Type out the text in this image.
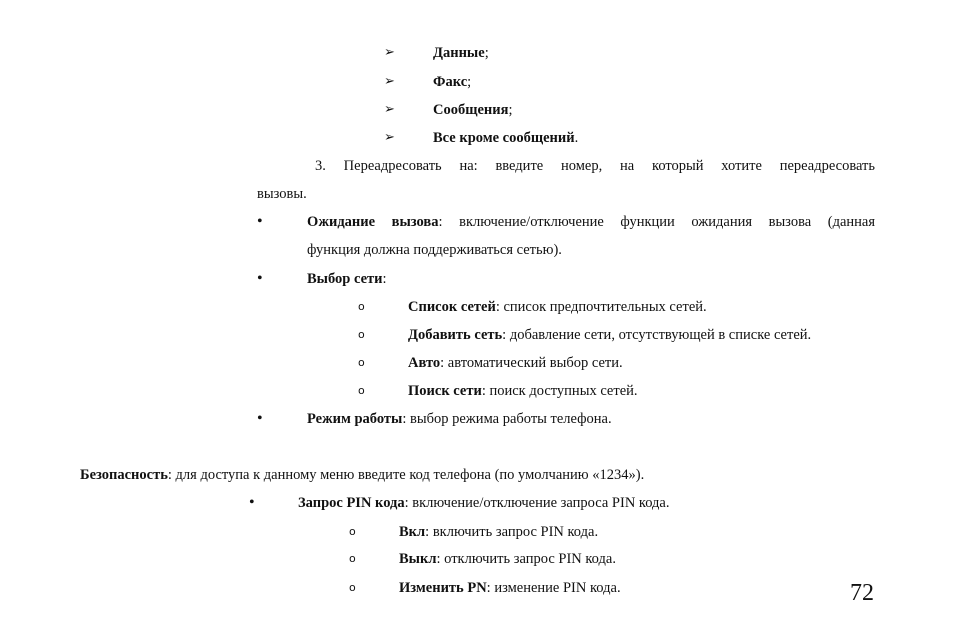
➢	Данные;
➢	Факс;
➢	Сообщения;
➢	Все кроме сообщений.
3. Переадресовать на: введите номер, на который хотите переадресовать
вызовы.
•	Ожидание вызова: включение/отключение функции ожидания вызова (данная
функция должна поддерживаться сетью).
•	Выбор сети:
o	Список сетей: список предпочтительных сетей.
o	Добавить сеть: добавление сети, отсутствующей в списке сетей.
o	Авто: автоматический выбор сети.
o	Поиск сети: поиск доступных сетей.
•	Режим работы: выбор режима работы телефона.
Безопасность: для доступа к данному меню введите код телефона (по умолчанию «1234»).
•	Запрос PIN кода: включение/отключение запроса PIN кода.
o	Вкл: включить запрос PIN кода.
o	Выкл: отключить запрос PIN кода.
o	Изменить PN: изменение PIN кода.	72
